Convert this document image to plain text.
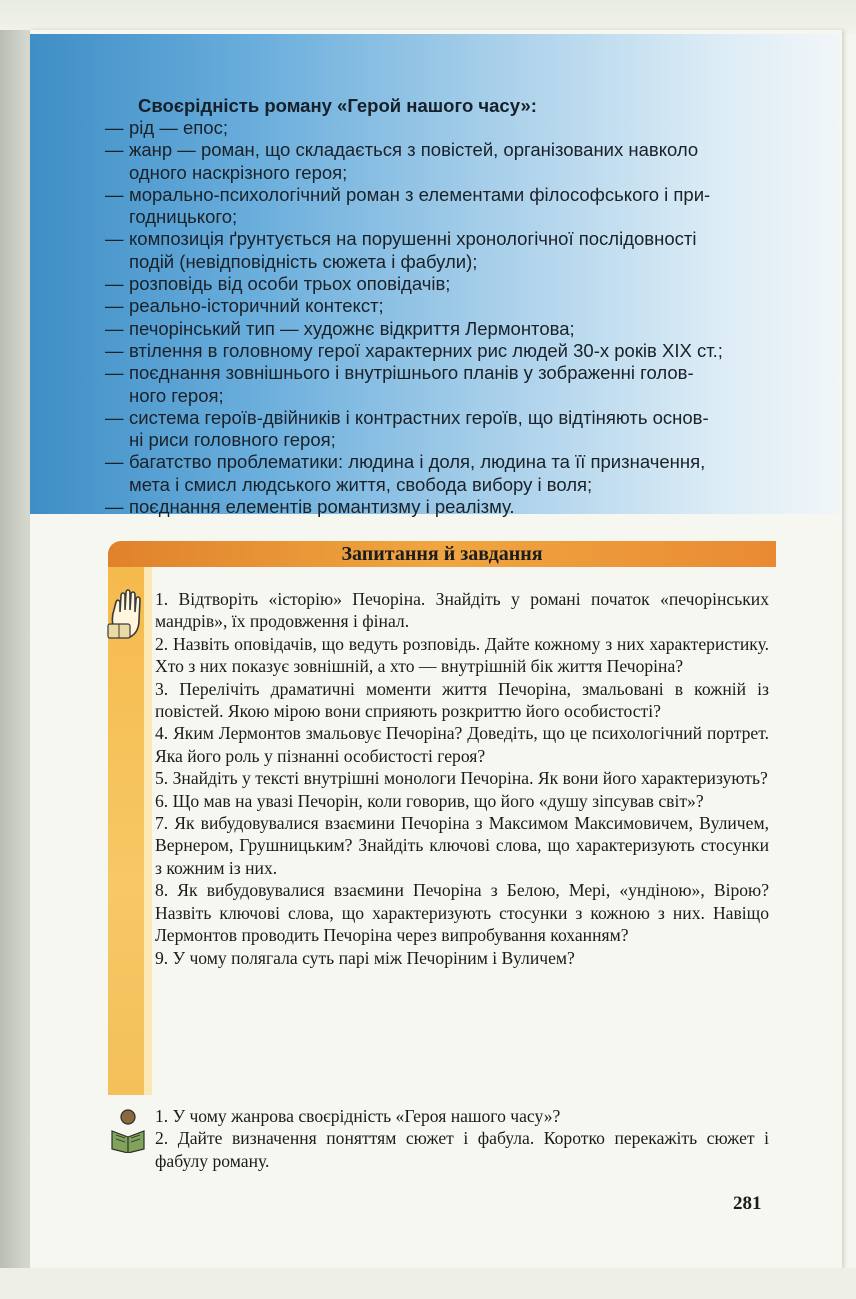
Своєрідність роману «Герой нашого часу»:
— рід — епос;
— жанр — роман, що складається з повістей, організованих навколо
одного наскрізного героя;
— морально-психологічний роман з елементами філософського і при-
годницького;
— композиція ґрунтується на порушенні хронологічної послідовності
подій (невідповідність сюжета і фабули);
— розповідь від особи трьох оповідачів;
— реально-історичний контекст;
— печорінський тип — художнє відкриття Лермонтова;
— втілення в головному герої характерних рис людей 30-х років XIX ст.;
— поєднання зовнішнього і внутрішнього планів у зображенні голов-
ного героя;
— система героїв-двійників і контрастних героїв, що відтіняють основ-
ні риси головного героя;
— багатство проблематики: людина і доля, людина та її призначення,
мета і смисл людського життя, свобода вибору і воля;
— поєднання елементів романтизму і реалізму.
Запитання й завдання

1. Відтворіть «історію» Печоріна. Знайдіть у романі початок «печорінських мандрів», їх продовження і фінал.

2. Назвіть оповідачів, що ведуть розповідь. Дайте кожному з них характеристику. Хто з них показує зовнішній, а хто — внутрішній бік життя Печоріна?

3. Перелічіть драматичні моменти життя Печоріна, змальовані в кожній із повістей. Якою мірою вони сприяють розкриттю його особистості?

4. Яким Лермонтов змальовує Печоріна? Доведіть, що це психологічний портрет. Яка його роль у пізнанні особистості героя?

5. Знайдіть у тексті внутрішні монологи Печоріна. Як вони його характеризують?

6. Що мав на увазі Печорін, коли говорив, що його «душу зіпсував світ»?

7. Як вибудовувалися взаємини Печоріна з Максимом Максимовичем, Вуличем, Вернером, Грушницьким? Знайдіть ключові слова, що характеризують стосунки з кожним із них.

8. Як вибудовувалися взаємини Печоріна з Белою, Мері, «ундіною», Вірою? Назвіть ключові слова, що характеризують стосунки з кожною з них. Навіщо Лермонтов проводить Печоріна через випробування коханням?

9. У чому полягала суть парі між Печоріним і Вуличем?

1. У чому жанрова своєрідність «Героя нашого часу»?

2. Дайте визначення поняттям сюжет і фабула. Коротко перекажіть сюжет і фабулу роману.

281
